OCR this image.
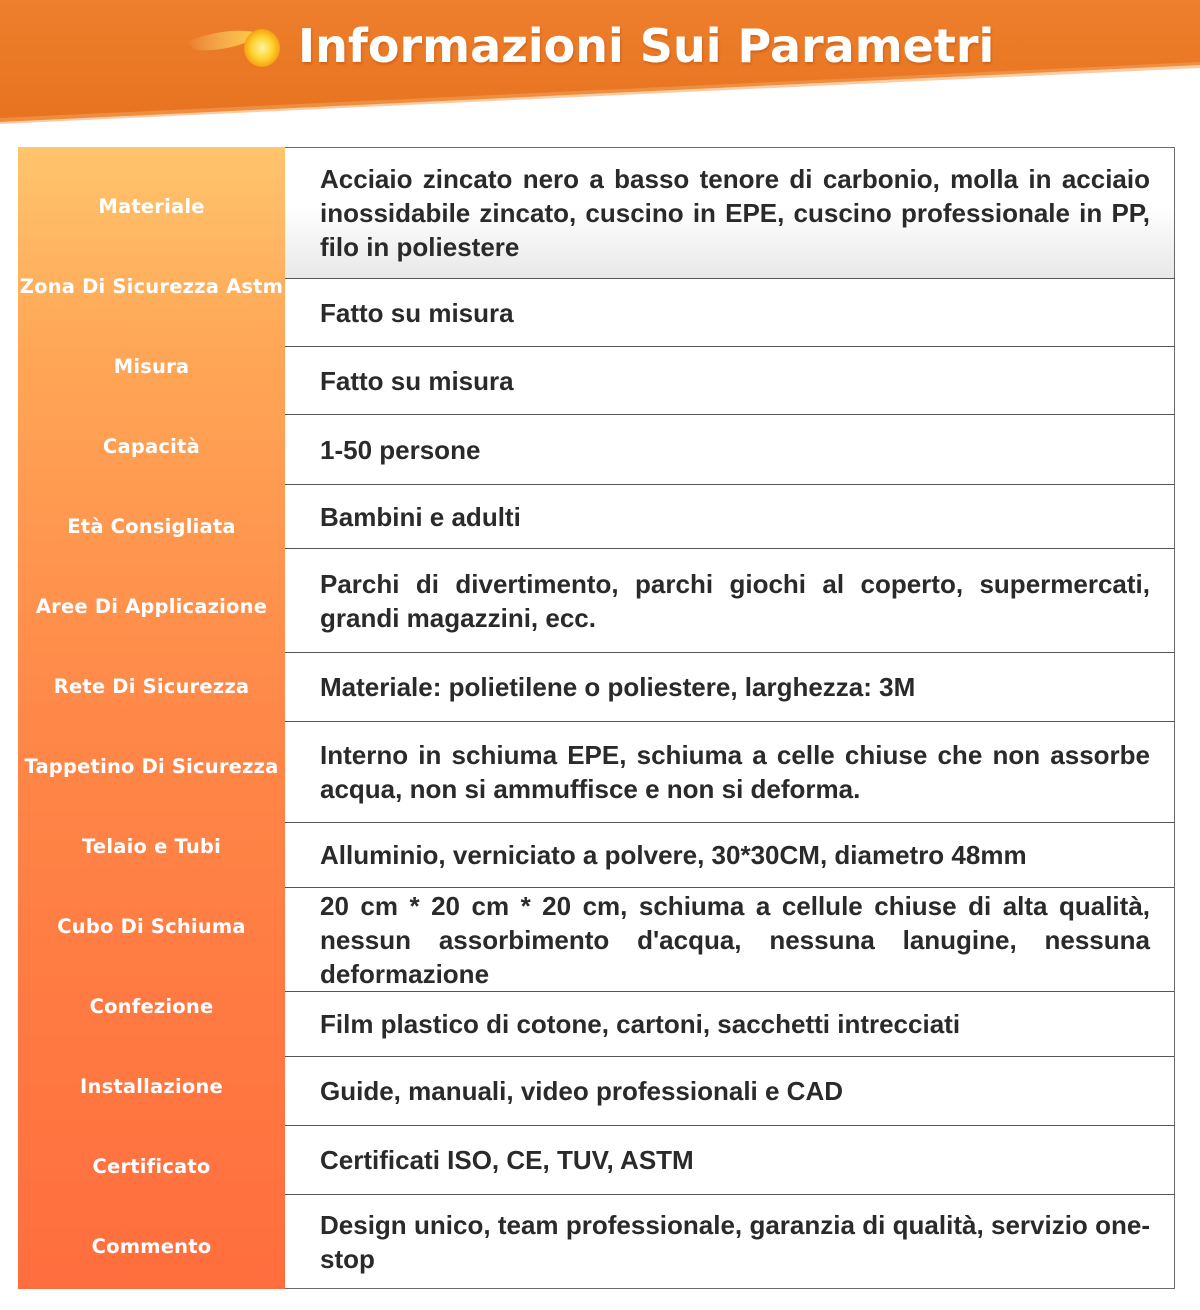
Informazioni Sui Parametri
Materiale
Zona Di Sicurezza Astm
Misura
Capacità
Età Consigliata
Aree Di Applicazione
Rete Di Sicurezza
Tappetino Di Sicurezza
Telaio e Tubi
Cubo Di Schiuma
Confezione
Installazione
Certificato
Commento
Acciaio zincato nero a basso tenore di carbonio, molla in acciaio inossidabile zincato, cuscino in EPE, cuscino professionale in PP, filo in poliestere
Fatto su misura
Fatto su misura
1-50 persone
Bambini e adulti
Parchi di divertimento, parchi giochi al coperto, supermercati, grandi magazzini, ecc.
Materiale: polietilene o poliestere, larghezza: 3M
Interno in schiuma EPE, schiuma a celle chiuse che non assorbe acqua, non si ammuffisce e non si deforma.
Alluminio, verniciato a polvere, 30*30CM, diametro 48mm
20 cm * 20 cm * 20 cm, schiuma a cellule chiuse di alta qualità, nessun assorbimento d'acqua, nessuna lanugine, nessuna deformazione
Film plastico di cotone, cartoni, sacchetti intrecciati
Guide, manuali, video professionali e CAD
Certificati ISO, CE, TUV, ASTM
Design unico, team professionale, garanzia di qualità, servizio one-stop
